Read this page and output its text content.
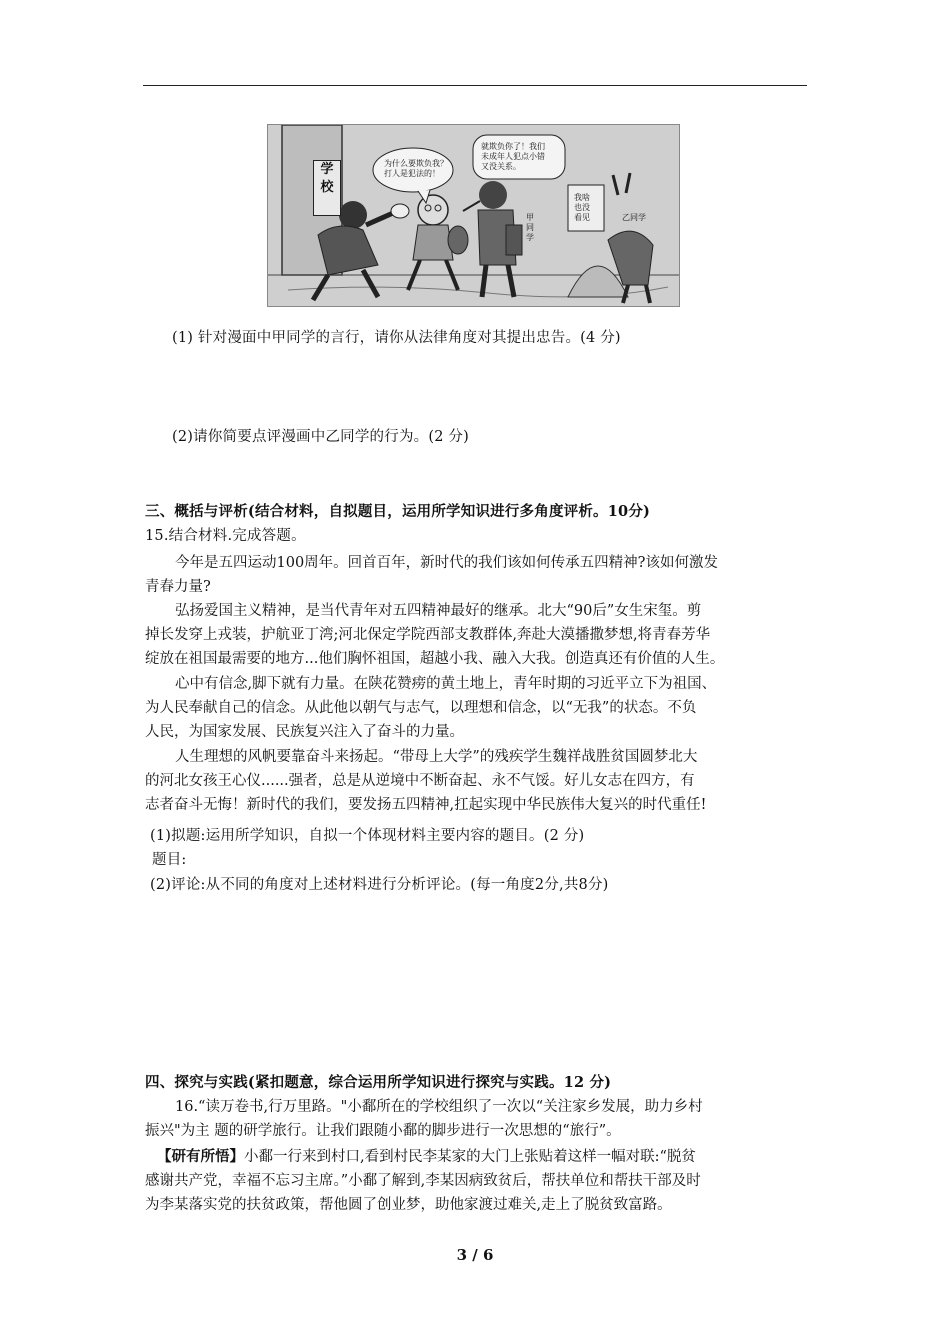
学
校
为什么要欺负我？
打人是犯法的！
就欺负你了！我们
未成年人犯点小错
又没关系。
甲
同
学
我啥
也没
看见	乙同学
(1) 针对漫面中甲同学的言行，请你从法律角度对其提出忠告。(4 分)
(2)请你简要点评漫画中乙同学的行为。(2 分)
三、概括与评析(结合材料，自拟题目，运用所学知识进行多角度评析。10分)
15.结合材料.完成答题。
今年是五四运动100周年。回首百年，新时代的我们该如何传承五四精神?该如何激发
青春力量?
弘扬爱国主义精神，是当代青年对五四精神最好的继承。北大“90后”女生宋玺。剪
掉长发穿上戎装，护航亚丁湾;河北保定学院西部支教群体,奔赴大漠播撒梦想,将青春芳华
绽放在祖国最需要的地方...他们胸怀祖国，超越小我、融入大我。创造真还有价值的人生。
心中有信念,脚下就有力量。在陕花赞痨的黄土地上，青年时期的习近平立下为祖国、
为人民奉献自己的信念。从此他以朝气与志气，以理想和信念，以“无我”的状态。不负
人民，为国家发展、民族复兴注入了奋斗的力量。
人生理想的风帆要靠奋斗来扬起。“带母上大学”的残疾学生魏祥战胜贫国圆梦北大
的河北女孩王心仪......强者，总是从逆境中不断奋起、永不气馁。好儿女志在四方，有
志者奋斗无悔！新时代的我们，要发扬五四精神,扛起实现中华民族伟大复兴的时代重任!
(1)拟题:运用所学知识，自拟一个体现材料主要内容的题目。(2 分)
题目:
(2)评论:从不同的角度对上述材料进行分析评论。(每一角度2分,共8分)
四、探究与实践(紧扣题意，综合运用所学知识进行探究与实践。12 分)
16.“读万卷书,行万里路。"小鄱所在的学校组织了一次以“关注家乡发展，助力乡村
振兴"为主 题的研学旅行。让我们跟随小鄱的脚步进行一次思想的“旅行”。
【研有所悟】小鄱一行来到村口,看到村民李某家的大门上张贴着这样一幅对联:“脱贫
感谢共产党，幸福不忘习主席。”小鄱了解到,李某因病致贫后，帮扶单位和帮扶干部及时
为李某落实党的扶贫政策，帮他圆了创业梦，助他家渡过难关,走上了脱贫致富路。
3 / 6
